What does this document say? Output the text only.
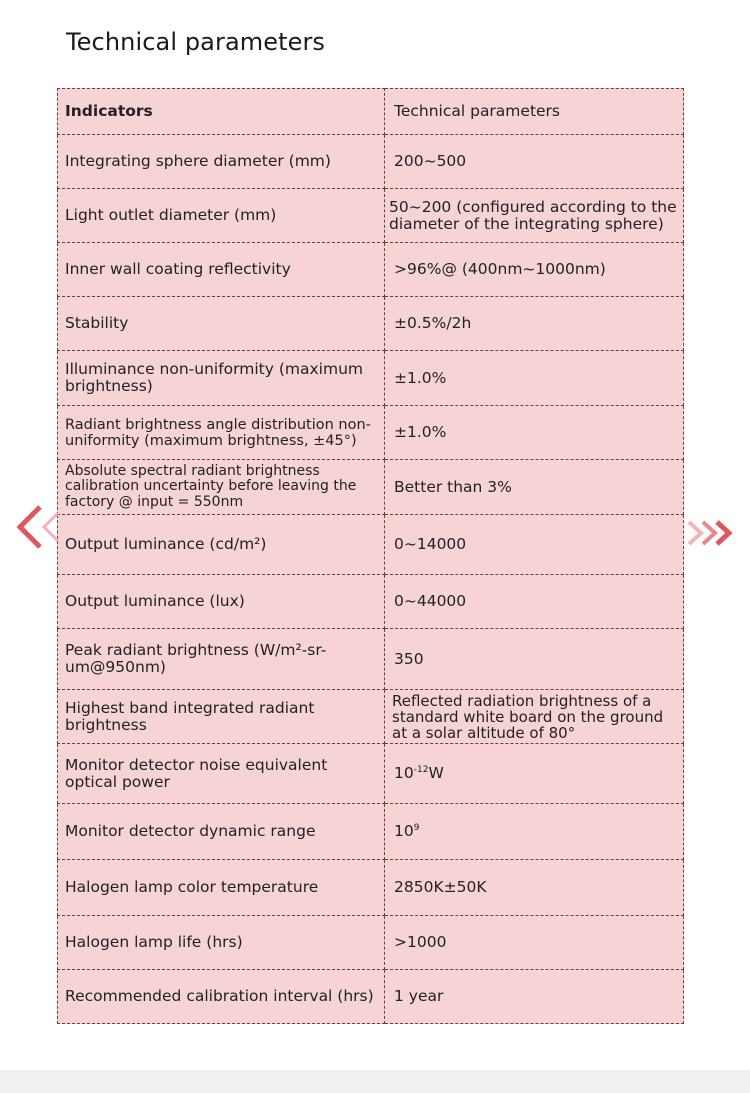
Technical parameters
Indicators	Technical parameters
Integrating sphere diameter (mm)	200~500
Light outlet diameter (mm)	50~200 (configured according to the diameter of the integrating sphere)
Inner wall coating reflectivity	>96%@ (400nm~1000nm)
Stability	±0.5%/2h
Illuminance non-uniformity (maximum brightness)	±1.0%
Radiant brightness angle distribution non-uniformity (maximum brightness, ±45°)	±1.0%
Absolute spectral radiant brightness calibration uncertainty before leaving the factory @ input = 550nm	Better than 3%
Output luminance (cd/m²)	0~14000
Output luminance (lux)	0~44000
Peak radiant brightness (W/m²-sr-um@950nm)	350
Highest band integrated radiant brightness	Reflected radiation brightness of a standard white board on the ground at a solar altitude of 80°
Monitor detector noise equivalent optical power	$10^{-12}W$
Monitor detector dynamic range	$10^9$
Halogen lamp color temperature	2850K±50K
Halogen lamp life (hrs)	>1000
Recommended calibration interval (hrs)	1 year
